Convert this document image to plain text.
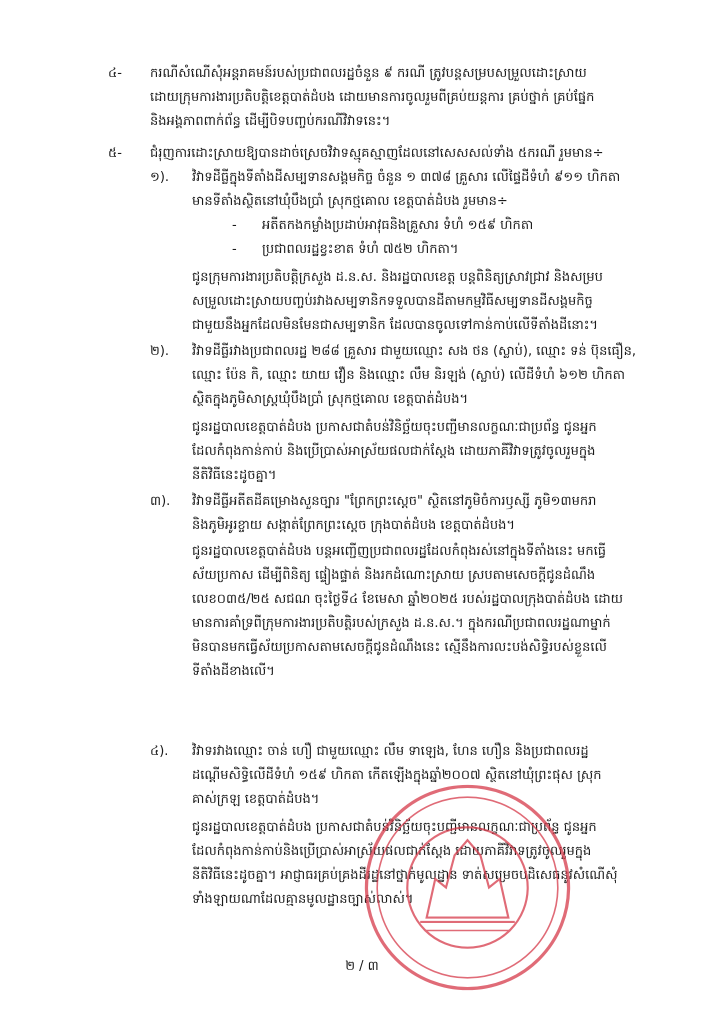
៤- ករណីសំណើសុំអន្តរាគមន៍របស់ប្រជាពលរដ្ឋចំនួន ៩ ករណី ត្រូវបន្តសម្របសម្រួលដោះស្រាយ
ដោយក្រុមការងារប្រតិបត្តិខេត្តបាត់ដំបង ដោយមានការចូលរួមពីគ្រប់យន្តការ គ្រប់ថ្នាក់ គ្រប់ផ្នែក
និងអង្គភាពពាក់ព័ន្ធ ដើម្បីបិទបញ្ចប់ករណីវិវាទនេះ។
៥- ជំរុញការដោះស្រាយឱ្យបានដាច់ស្រេចវិវាទស្មុគស្មាញដែលនៅសេសសល់ទាំង ៥ករណី រួមមាន÷
១). វិវាទដីធ្លីក្នុងទីតាំងដីសម្បទានសង្គមកិច្ច ចំនួន ១ ៣៧៨ គ្រួសារ លើផ្ទៃដីទំហំ ៩១១ ហិកតា
មានទីតាំងស្ថិតនៅឃុំបឹងប្រាំ ស្រុកថ្មគោល ខេត្តបាត់ដំបង រួមមាន÷
- អតីតកងកម្លាំងប្រដាប់អាវុធនិងគ្រួសារ ទំហំ ១៥៩ ហិកតា
- ប្រជាពលរដ្ឋខ្វះខាត ទំហំ ៧៥២ ហិកតា។
ជូនក្រុមការងារប្រតិបត្តិក្រសួង ដ.ន.ស. និងរដ្ឋបាលខេត្ត បន្តពិនិត្យស្រាវជ្រាវ និងសម្រប
សម្រួលដោះស្រាយបញ្ចប់រវាងសម្បទានិកទទួលបានដីតាមកម្មវិធីសម្បទានដីសង្គមកិច្ច
ជាមួយនឹងអ្នកដែលមិនមែនជាសម្បទានិក ដែលបានចូលទៅកាន់កាប់លើទីតាំងដីនោះ។
២). វិវាទដីធ្លីរវាងប្រជាពលរដ្ឋ ២៨៨ គ្រួសារ ជាមួយឈ្មោះ សង ថន (ស្លាប់), ឈ្មោះ ទន់ ប៊ុនធឿន,
ឈ្មោះ ប៉ែន កិ, ឈ្មោះ យាយ វឿន និងឈ្មោះ លឹម និរឡង់ (ស្លាប់) លើដីទំហំ ៦១២ ហិកតា
ស្ថិតក្នុងភូមិសាស្ត្រឃុំបឹងប្រាំ ស្រុកថ្មគោល ខេត្តបាត់ដំបង។
ជូនរដ្ឋបាលខេត្តបាត់ដំបង ប្រកាសជាតំបន់វិនិច្ឆ័យចុះបញ្ជីមានលក្ខណៈជាប្រព័ន្ធ ជូនអ្នក
ដែលកំពុងកាន់កាប់ និងប្រើប្រាស់អាស្រ័យផលជាក់ស្តែង ដោយភាគីវិវាទត្រូវចូលរួមក្នុង
នីតិវិធីនេះដូចគ្នា។
៣). វិវាទដីធ្លីអតីតដីគម្រោងសួនច្បារ "ព្រែកព្រះស្តេច" ស្ថិតនៅភូមិចំការឫស្សី ភូមិ១៣មករា
និងភូមិអូរខ្ចាយ សង្កាត់ព្រែកព្រះស្តេច ក្រុងបាត់ដំបង ខេត្តបាត់ដំបង។
ជូនរដ្ឋបាលខេត្តបាត់ដំបង បន្តអញ្ជើញប្រជាពលរដ្ឋដែលកំពុងរស់នៅក្នុងទីតាំងនេះ មកធ្វើ
ស័យប្រកាស ដើម្បីពិនិត្យ ផ្ទៀងផ្ទាត់ និងរកដំណោះស្រាយ ស្របតាមសេចក្តីជូនដំណឹង
លេខ០៣៥/២៥ សជណ ចុះថ្ងៃទី៤ ខែមេសា ឆ្នាំ២០២៥ របស់រដ្ឋបាលក្រុងបាត់ដំបង ដោយ
មានការគាំទ្រពីក្រុមការងារប្រតិបត្តិរបស់ក្រសួង ដ.ន.ស.។ ក្នុងករណីប្រជាពលរដ្ឋណាម្នាក់
មិនបានមកធ្វើស័យប្រកាសតាមសេចក្តីជូនដំណឹងនេះ ស្មើនឹងការលះបង់សិទ្ធិរបស់ខ្លួនលើ
ទីតាំងដីខាងលើ។
៤). វិវាទរវាងឈ្មោះ ចាន់ ហឿ ជាមួយឈ្មោះ លឹម ទាឡេង, ហែន ហឿន និងប្រជាពលរដ្ឋ
ដណ្តើមសិទ្ធិលើដីទំហំ ១៥៩ ហិកតា កើតឡើងក្នុងឆ្នាំ២០០៧ ស្ថិតនៅឃុំព្រះផុស ស្រុក
គាស់ក្រឡ ខេត្តបាត់ដំបង។
ជូនរដ្ឋបាលខេត្តបាត់ដំបង ប្រកាសជាតំបន់វិនិច្ឆ័យចុះបញ្ជីមានលក្ខណៈជាប្រព័ន្ធ ជូនអ្នក
ដែលកំពុងកាន់កាប់និងប្រើប្រាស់អាស្រ័យផលជាក់ស្តែង ដោយភាគីវិវាទត្រូវចូលរួមក្នុង
នីតិវិធីនេះដូចគ្នា។ អាជ្ញាធរគ្រប់គ្រងដីរដ្ឋនៅថ្នាក់មូលដ្ឋាន ទាត់សម្រេចបដិសេធនូវសំណើសុំ
ទាំងឡាយណាដែលគ្មានមូលដ្ឋានច្បាស់លាស់។
២ / ៣
